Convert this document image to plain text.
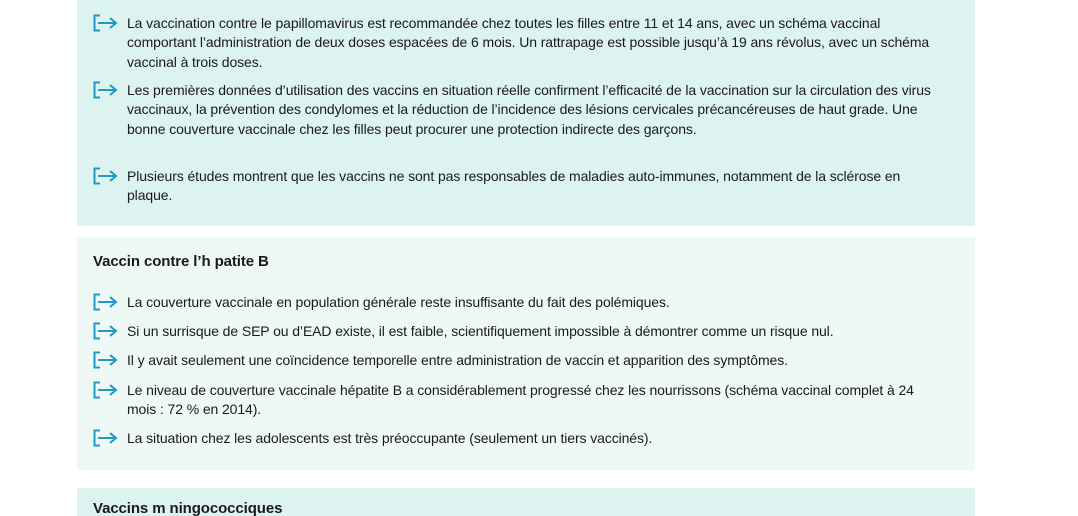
La vaccination contre le papillomavirus est recommandée chez toutes les filles entre 11 et 14 ans, avec un schéma vaccinal comportant l’administration de deux doses espacées de 6 mois. Un rattrapage est possible jusqu’à 19 ans révolus, avec un schéma vaccinal à trois doses.
Les premières données d’utilisation des vaccins en situation réelle confirment l’efficacité de la vaccination sur la circulation des virus vaccinaux, la prévention des condylomes et la réduction de l’incidence des lésions cervicales précancéreuses de haut grade. Une bonne couverture vaccinale chez les filles peut procurer une protection indirecte des garçons.
Plusieurs études montrent que les vaccins ne sont pas responsables de maladies auto-immunes, notamment de la sclérose en plaque.
Vaccin contre l’h patite B
La couverture vaccinale en population générale reste insuffisante du fait des polémiques.
Si un surrisque de SEP ou d’EAD existe, il est faible, scientifiquement impossible à démontrer comme un risque nul.
Il y avait seulement une coïncidence temporelle entre administration de vaccin et apparition des symptômes.
Le niveau de couverture vaccinale hépatite B a considérablement progressé chez les nourrissons (schéma vaccinal complet à 24 mois : 72 % en 2014).
La situation chez les adolescents est très préoccupante (seulement un tiers vaccinés).
Vaccins m ningococciques
